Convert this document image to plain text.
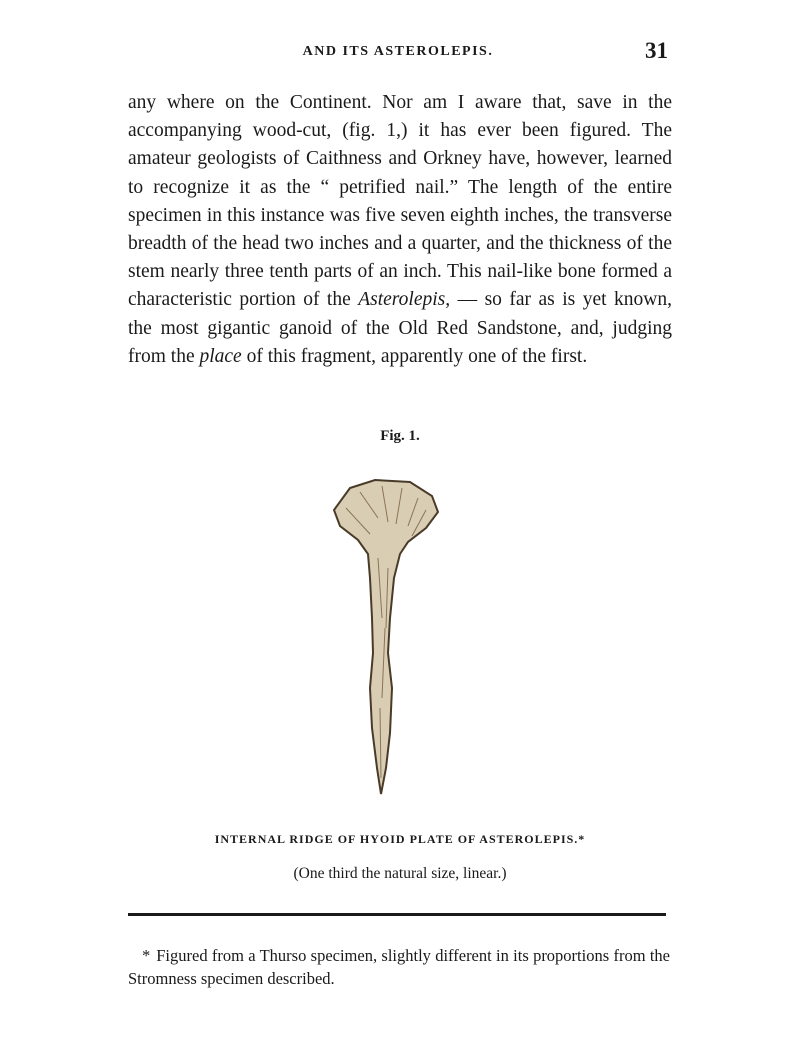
AND ITS ASTEROLEPIS.	31

any where on the Continent. Nor am I aware that, save in the accompanying wood-cut, (fig. 1,) it has ever been figured. The amateur geologists of Caithness and Orkney have, however, learned to recognize it as the “ petrified nail.” The length of the entire specimen in this instance was five seven eighth inches, the transverse breadth of the head two inches and a quarter, and the thickness of the stem nearly three tenth parts of an inch. This nail-like bone formed a characteristic portion of the Asterolepis, — so far as is yet known, the most gigantic ganoid of the Old Red Sandstone, and, judging from the place of this fragment, apparently one of the first.

Fig. 1.
INTERNAL RIDGE OF HYOID PLATE OF ASTEROLEPIS.*
(One third the natural size, linear.)

* Figured from a Thurso specimen, slightly different in its proportions from the Stromness specimen described.
